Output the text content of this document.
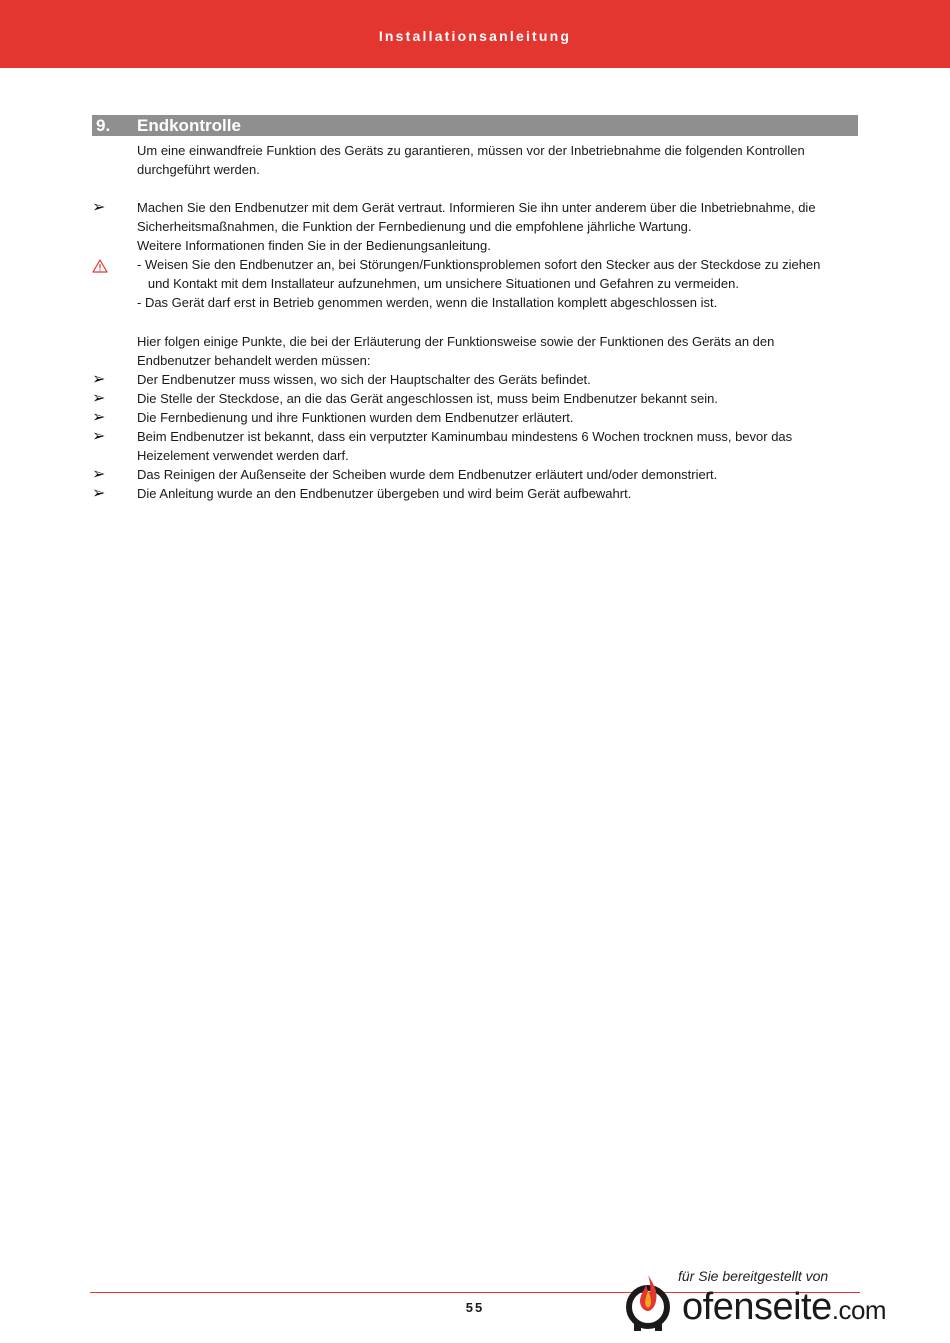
Installationsanleitung
9. Endkontrolle
Um eine einwandfreie Funktion des Geräts zu garantieren, müssen vor der Inbetriebnahme die folgenden Kontrollen
durchgeführt werden.
➢ Machen Sie den Endbenutzer mit dem Gerät vertraut. Informieren Sie ihn unter anderem über die Inbetriebnahme, die
Sicherheitsmaßnahmen, die Funktion der Fernbedienung und die empfohlene jährliche Wartung.
Weitere Informationen finden Sie in der Bedienungsanleitung.
- Weisen Sie den Endbenutzer an, bei Störungen/Funktionsproblemen sofort den Stecker aus der Steckdose zu ziehen
und Kontakt mit dem Installateur aufzunehmen, um unsichere Situationen und Gefahren zu vermeiden.
- Das Gerät darf erst in Betrieb genommen werden, wenn die Installation komplett abgeschlossen ist.
Hier folgen einige Punkte, die bei der Erläuterung der Funktionsweise sowie der Funktionen des Geräts an den
Endbenutzer behandelt werden müssen:
➢ Der Endbenutzer muss wissen, wo sich der Hauptschalter des Geräts befindet.
➢ Die Stelle der Steckdose, an die das Gerät angeschlossen ist, muss beim Endbenutzer bekannt sein.
➢ Die Fernbedienung und ihre Funktionen wurden dem Endbenutzer erläutert.
➢ Beim Endbenutzer ist bekannt, dass ein verputzter Kaminumbau mindestens 6 Wochen trocknen muss, bevor das
Heizelement verwendet werden darf.
➢ Das Reinigen der Außenseite der Scheiben wurde dem Endbenutzer erläutert und/oder demonstriert.
➢ Die Anleitung wurde an den Endbenutzer übergeben und wird beim Gerät aufbewahrt.
für Sie bereitgestellt von
55	ofenseite.com
